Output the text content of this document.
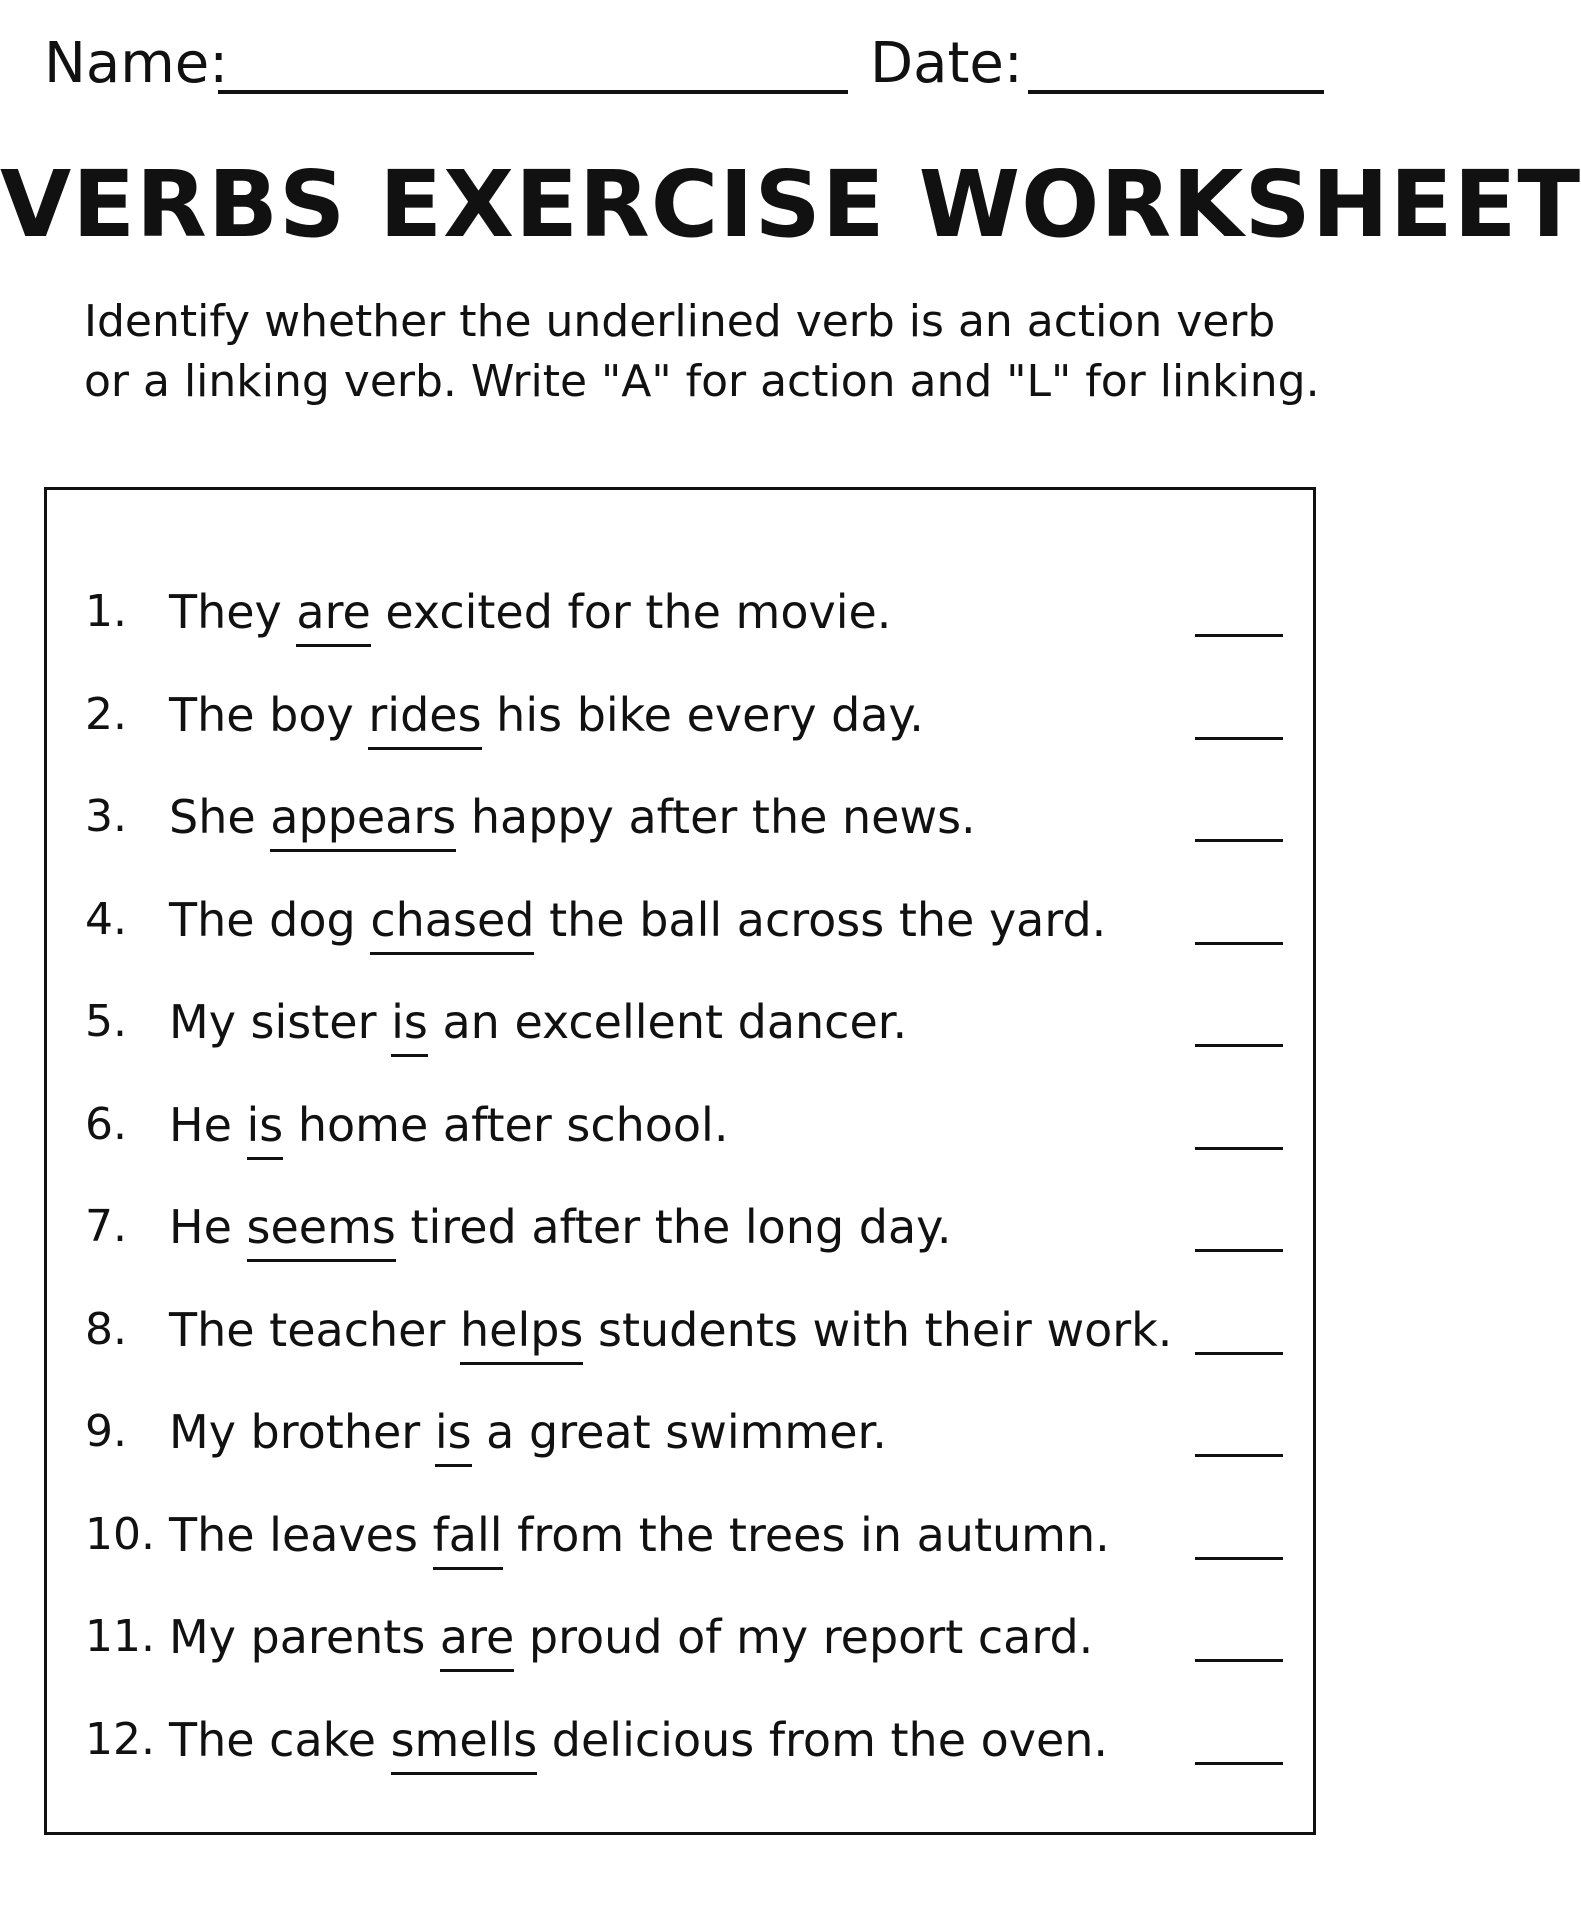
Name:	Date:
VERBS EXERCISE WORKSHEET
Identify whether the underlined verb is an action verb
or a linking verb. Write "A" for action and "L" for linking.
1. They are excited for the movie.
2. The boy rides his bike every day.
3. She appears happy after the news.
4. The dog chased the ball across the yard.
5. My sister is an excellent dancer.
6. He is home after school.
7. He seems tired after the long day.
8. The teacher helps students with their work.
9. My brother is a great swimmer.
10. The leaves fall from the trees in autumn.
11. My parents are proud of my report card.
12. The cake smells delicious from the oven.
